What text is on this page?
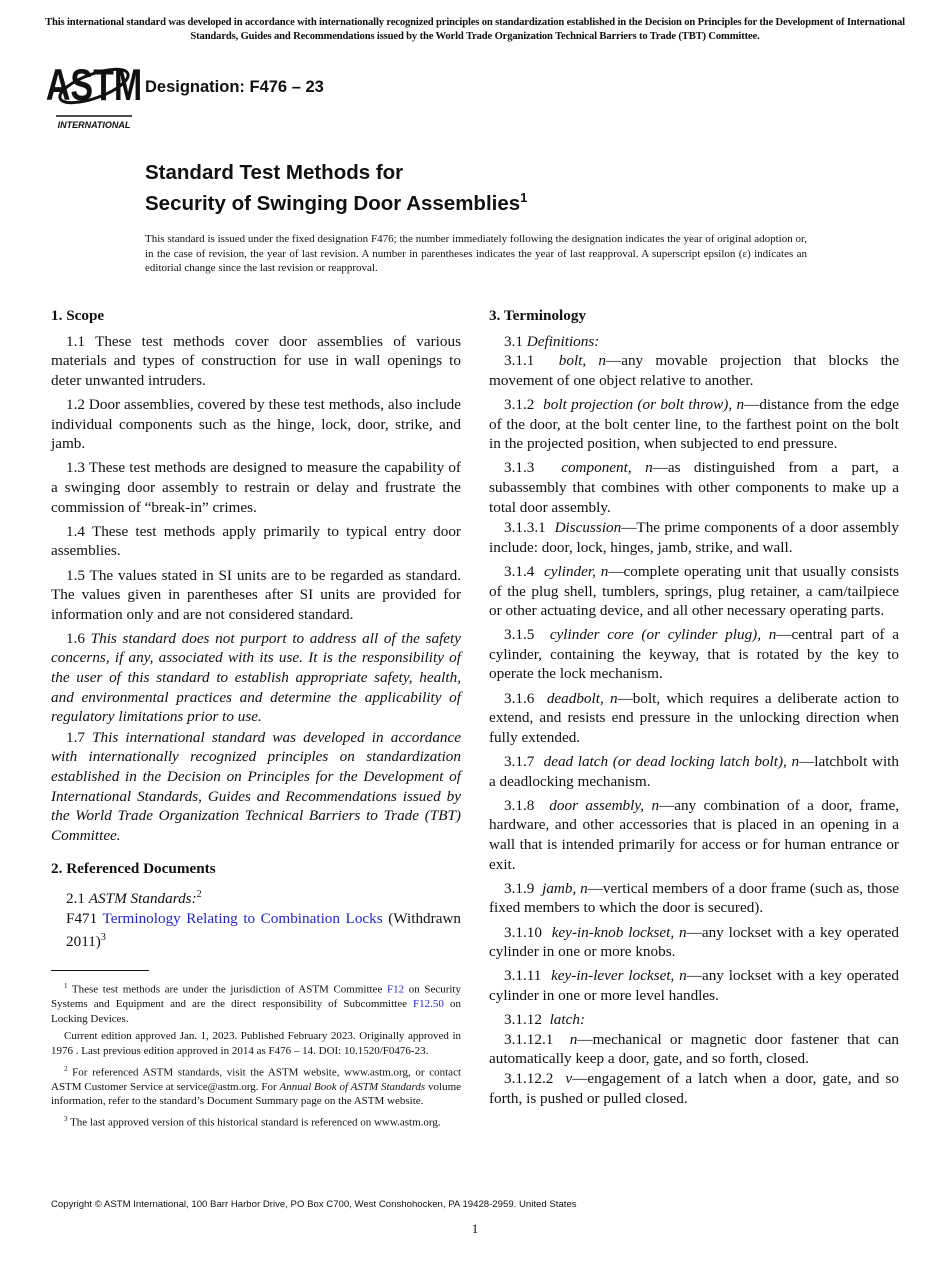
This international standard was developed in accordance with internationally recognized principles on standardization established in the Decision on Principles for the Development of International Standards, Guides and Recommendations issued by the World Trade Organization Technical Barriers to Trade (TBT) Committee.
ASTM
INTERNATIONAL
Designation: F476 – 23
Standard Test Methods for
Security of Swinging Door Assemblies$^1$
This standard is issued under the fixed designation F476; the number immediately following the designation indicates the year of original adoption or, in the case of revision, the year of last revision. A number in parentheses indicates the year of last reapproval. A superscript epsilon (ε) indicates an editorial change since the last revision or reapproval.
1. Scope

1.1 These test methods cover door assemblies of various materials and types of construction for use in wall openings to deter unwanted intruders.

1.2 Door assemblies, covered by these test methods, also include individual components such as the hinge, lock, door, strike, and jamb.

1.3 These test methods are designed to measure the capability of a swinging door assembly to restrain or delay and frustrate the commission of “break-in” crimes.

1.4 These test methods apply primarily to typical entry door assemblies.

1.5 The values stated in SI units are to be regarded as standard. The values given in parentheses after SI units are provided for information only and are not considered standard.

1.6 This standard does not purport to address all of the safety concerns, if any, associated with its use. It is the responsibility of the user of this standard to establish appropriate safety, health, and environmental practices and determine the applicability of regulatory limitations prior to use.

1.7 This international standard was developed in accordance with internationally recognized principles on standardization established in the Decision on Principles for the Development of International Standards, Guides and Recommendations issued by the World Trade Organization Technical Barriers to Trade (TBT) Committee.

2. Referenced Documents

2.1 ASTM Standards:$^2$

F471 Terminology Relating to Combination Locks (Withdrawn 2011)$^3$

$^1$ These test methods are under the jurisdiction of ASTM Committee F12 on Security Systems and Equipment and are the direct responsibility of Subcommittee F12.50 on Locking Devices.

Current edition approved Jan. 1, 2023. Published February 2023. Originally approved in 1976 . Last previous edition approved in 2014 as F476 – 14. DOI: 10.1520/F0476-23.

$^2$ For referenced ASTM standards, visit the ASTM website, www.astm.org, or contact ASTM Customer Service at service@astm.org. For Annual Book of ASTM Standards volume information, refer to the standard’s Document Summary page on the ASTM website.

$^3$ The last approved version of this historical standard is referenced on www.astm.org.

3. Terminology

3.1 Definitions:

3.1.1 bolt, n—any movable projection that blocks the movement of one object relative to another.

3.1.2 bolt projection (or bolt throw), n—distance from the edge of the door, at the bolt center line, to the farthest point on the bolt in the projected position, when subjected to end pressure.

3.1.3 component, n—as distinguished from a part, a subassembly that combines with other components to make up a total door assembly.

3.1.3.1 Discussion—The prime components of a door assembly include: door, lock, hinges, jamb, strike, and wall.

3.1.4 cylinder, n—complete operating unit that usually consists of the plug shell, tumblers, springs, plug retainer, a cam/tailpiece or other actuating device, and all other necessary operating parts.

3.1.5 cylinder core (or cylinder plug), n—central part of a cylinder, containing the keyway, that is rotated by the key to operate the lock mechanism.

3.1.6 deadbolt, n—bolt, which requires a deliberate action to extend, and resists end pressure in the unlocking direction when fully extended.

3.1.7 dead latch (or dead locking latch bolt), n—latchbolt with a deadlocking mechanism.

3.1.8 door assembly, n—any combination of a door, frame, hardware, and other accessories that is placed in an opening in a wall that is intended primarily for access or for human entrance or exit.

3.1.9 jamb, n—vertical members of a door frame (such as, those fixed members to which the door is secured).

3.1.10 key-in-knob lockset, n—any lockset with a key operated cylinder in one or more knobs.

3.1.11 key-in-lever lockset, n—any lockset with a key operated cylinder in one or more level handles.

3.1.12 latch:

3.1.12.1 n—mechanical or magnetic door fastener that can automatically keep a door, gate, and so forth, closed.

3.1.12.2 v—engagement of a latch when a door, gate, and so forth, is pushed or pulled closed.

Copyright © ASTM International, 100 Barr Harbor Drive, PO Box C700, West Conshohocken, PA 19428-2959. United States
1
